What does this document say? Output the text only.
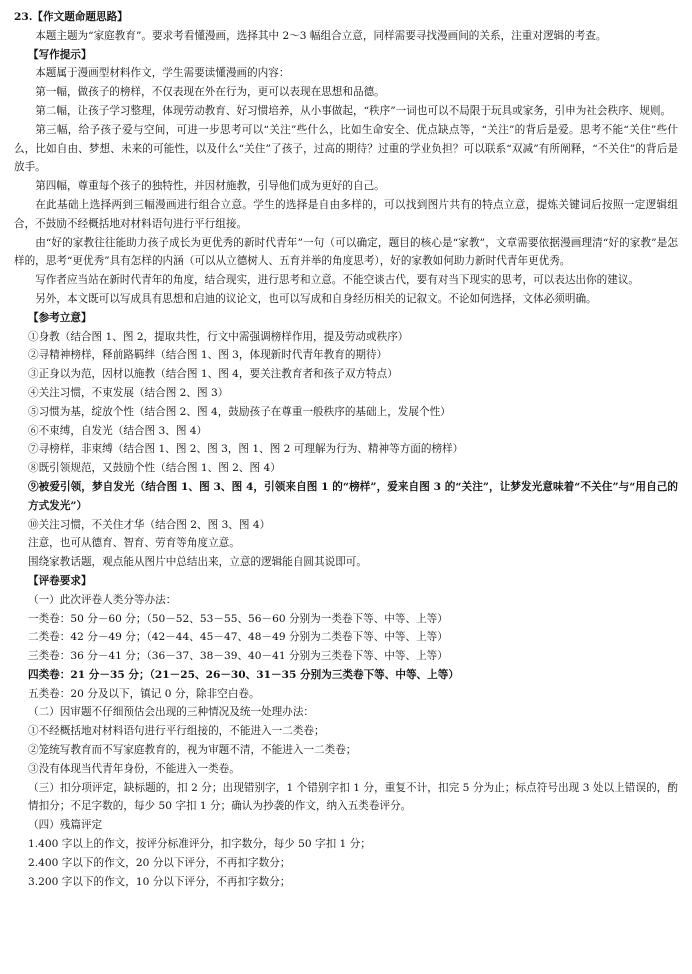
23.【作文题命题思路】

本题主题为“家庭教育”。要求考看懂漫画，选择其中 2～3 幅组合立意，同样需要寻找漫画间的关系，注重对逻辑的考查。

【写作提示】

本题属于漫画型材料作文，学生需要读懂漫画的内容：

第一幅，做孩子的榜样，不仅表现在外在行为，更可以表现在思想和品德。

第二幅，让孩子学习整理，体现劳动教育、好习惯培养，从小事做起，“秩序”一词也可以不局限于玩具或家务，引申为社会秩序、规则。

第三幅，给予孩子爱与空间，可进一步思考可以“关注”些什么，比如生命安全、优点缺点等，“关注”的背后是爱。思考不能“关住”些什么，比如自由、梦想、未来的可能性，以及什么“关住”了孩子，过高的期待？过重的学业负担？可以联系“双减”有所阐释，“不关住”的背后是放手。

第四幅，尊重每个孩子的独特性，并因材施教，引导他们成为更好的自己。

在此基础上选择两到三幅漫画进行组合立意。学生的选择是自由多样的，可以找到图片共有的特点立意，提炼关键词后按照一定逻辑组合，不鼓励不经概括地对材料语句进行平行组接。

由“好的家教往往能助力孩子成长为更优秀的新时代青年”一句（可以确定，题目的核心是“家教”，文章需要依据漫画理清“好的家教”是怎样的，思考“更优秀”具有怎样的内涵（可以从立德树人、五育并举的角度思考），好的家教如何助力新时代青年更优秀。

写作者应当站在新时代青年的角度，结合现实，进行思考和立意。不能空谈古代，要有对当下现实的思考，可以表达出你的建议。

另外，本文既可以写成具有思想和启迪的议论文，也可以写成和自身经历相关的记叙文。不论如何选择，文体必须明确。

【参考立意】

①身教（结合图 1、图 2，提取共性，行文中需强调榜样作用，提及劳动或秩序）

②寻精神榜样，释前路羁绊（结合图 1、图 3，体现新时代青年教育的期待）

③正身以为范，因材以施教（结合图 1、图 4，要关注教育者和孩子双方特点）

④关注习惯，不束发展（结合图 2、图 3）

⑤习惯为基，绽放个性（结合图 2、图 4，鼓励孩子在尊重一般秩序的基础上，发展个性）

⑥不束缚，自发光（结合图 3、图 4）

⑦寻榜样，非束缚（结合图 1、图 2、图 3，图 1、图 2 可理解为行为、精神等方面的榜样）

⑧既引领规范，又鼓励个性（结合图 1、图 2、图 4）

⑨被爱引领，梦自发光（结合图 1、图 3、图 4，引领来自图 1 的“榜样”，爱来自图 3 的“关注”，让梦发光意味着“不关住”与“用自己的方式发光”）

⑩关注习惯，不关住才华（结合图 2、图 3、图 4）

注意，也可从德育、智育、劳育等角度立意。

围绕家教话题，观点能从图片中总结出来，立意的逻辑能自圆其说即可。

【评卷要求】

（一）此次评卷人类分等办法：

一类卷：50 分－60 分；（50－52、53－55、56－60 分别为一类卷下等、中等、上等）

二类卷：42 分－49 分；（42－44、45－47、48－49 分别为二类卷下等、中等、上等）

三类卷：36 分－41 分；（36－37、38－39、40－41 分别为三类卷下等、中等、上等）

四类卷：21 分－35 分；（21－25、26－30、31－35 分别为三类卷下等、中等、上等）

五类卷：20 分及以下，镇记 0 分，除非空白卷。

（二）因审题不仔细预估会出现的三种情况及统一处理办法：

①不经概括地对材料语句进行平行组接的，不能进入一二类卷；

②笼统写教育而不写家庭教育的，视为审题不清，不能进入一二类卷；

③没有体现当代青年身份，不能进入一类卷。

（三）扣分项评定，缺标题的，扣 2 分；出现错别字，1 个错别字扣 1 分，重复不计，扣完 5 分为止；标点符号出现 3 处以上错误的，酌情扣分；不足字数的，每少 50 字扣 1 分；确认为抄袭的作文，纳入五类卷评分。

（四）残篇评定

1.400 字以上的作文，按评分标准评分，扣字数分，每少 50 字扣 1 分；

2.400 字以下的作文，20 分以下评分，不再扣字数分；

3.200 字以下的作文，10 分以下评分，不再扣字数分；
